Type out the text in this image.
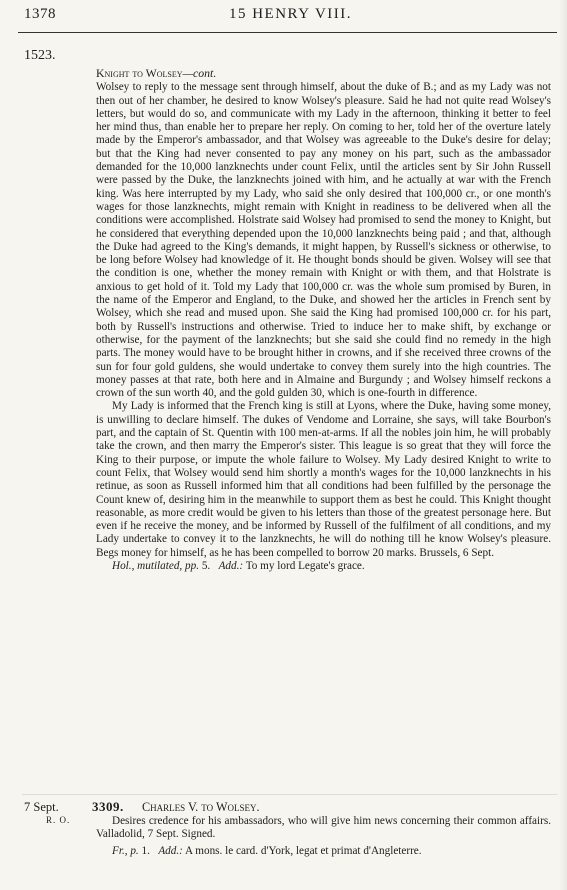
1378	15 HENRY VIII.
1523.

Knight to Wolsey—cont.

Wolsey to reply to the message sent through himself, about the duke of B.; and as my Lady was not then out of her chamber, he desired to know Wolsey's pleasure. Said he had not quite read Wolsey's letters, but would do so, and communicate with my Lady in the afternoon, thinking it better to feel her mind thus, than enable her to prepare her reply. On coming to her, told her of the overture lately made by the Emperor's ambassador, and that Wolsey was agreeable to the Duke's desire for delay; but that the King had never consented to pay any money on his part, such as the ambassador demanded for the 10,000 lanzknechts under count Felix, until the articles sent by Sir John Russell were passed by the Duke, the lanzknechts joined with him, and he actually at war with the French king. Was here interrupted by my Lady, who said she only desired that 100,000 cr., or one month's wages for those lanzknechts, might remain with Knight in readiness to be delivered when all the conditions were accomplished. Holstrate said Wolsey had promised to send the money to Knight, but he considered that everything depended upon the 10,000 lanzknechts being paid ; and that, although the Duke had agreed to the King's demands, it might happen, by Russell's sickness or otherwise, to be long before Wolsey had knowledge of it. He thought bonds should be given. Wolsey will see that the condition is one, whether the money remain with Knight or with them, and that Holstrate is anxious to get hold of it. Told my Lady that 100,000 cr. was the whole sum promised by Buren, in the name of the Emperor and England, to the Duke, and showed her the articles in French sent by Wolsey, which she read and mused upon. She said the King had promised 100,000 cr. for his part, both by Russell's instructions and otherwise. Tried to induce her to make shift, by exchange or otherwise, for the payment of the lanzknechts; but she said she could find no remedy in the high parts. The money would have to be brought hither in crowns, and if she received three crowns of the sun for four gold guldens, she would undertake to convey them surely into the high countries. The money passes at that rate, both here and in Almaine and Burgundy ; and Wolsey himself reckons a crown of the sun worth 40, and the gold gulden 30, which is one-fourth in difference.

My Lady is informed that the French king is still at Lyons, where the Duke, having some money, is unwilling to declare himself. The dukes of Vendome and Lorraine, she says, will take Bourbon's part, and the captain of St. Quentin with 100 men-at-arms. If all the nobles join him, he will probably take the crown, and then marry the Emperor's sister. This league is so great that they will force the King to their purpose, or impute the whole failure to Wolsey. My Lady desired Knight to write to count Felix, that Wolsey would send him shortly a month's wages for the 10,000 lanzknechts in his retinue, as soon as Russell informed him that all conditions had been fulfilled by the personage the Count knew of, desiring him in the meanwhile to support them as best he could. This Knight thought reasonable, as more credit would be given to his letters than those of the greatest personage here. But even if he receive the money, and be informed by Russell of the fulfilment of all conditions, and my Lady undertake to convey it to the lanzknechts, he will do nothing till he know Wolsey's pleasure. Begs money for himself, as he has been compelled to borrow 20 marks. Brussels, 6 Sept.

Hol., mutilated, pp. 5. Add.: To my lord Legate's grace.

7 Sept.
R. O.
3309. Charles V. to Wolsey.

Desires credence for his ambassadors, who will give him news concerning their common affairs. Valladolid, 7 Sept. Signed.

Fr., p. 1. Add.: A mons. le card. d'York, legat et primat d'Angleterre.
